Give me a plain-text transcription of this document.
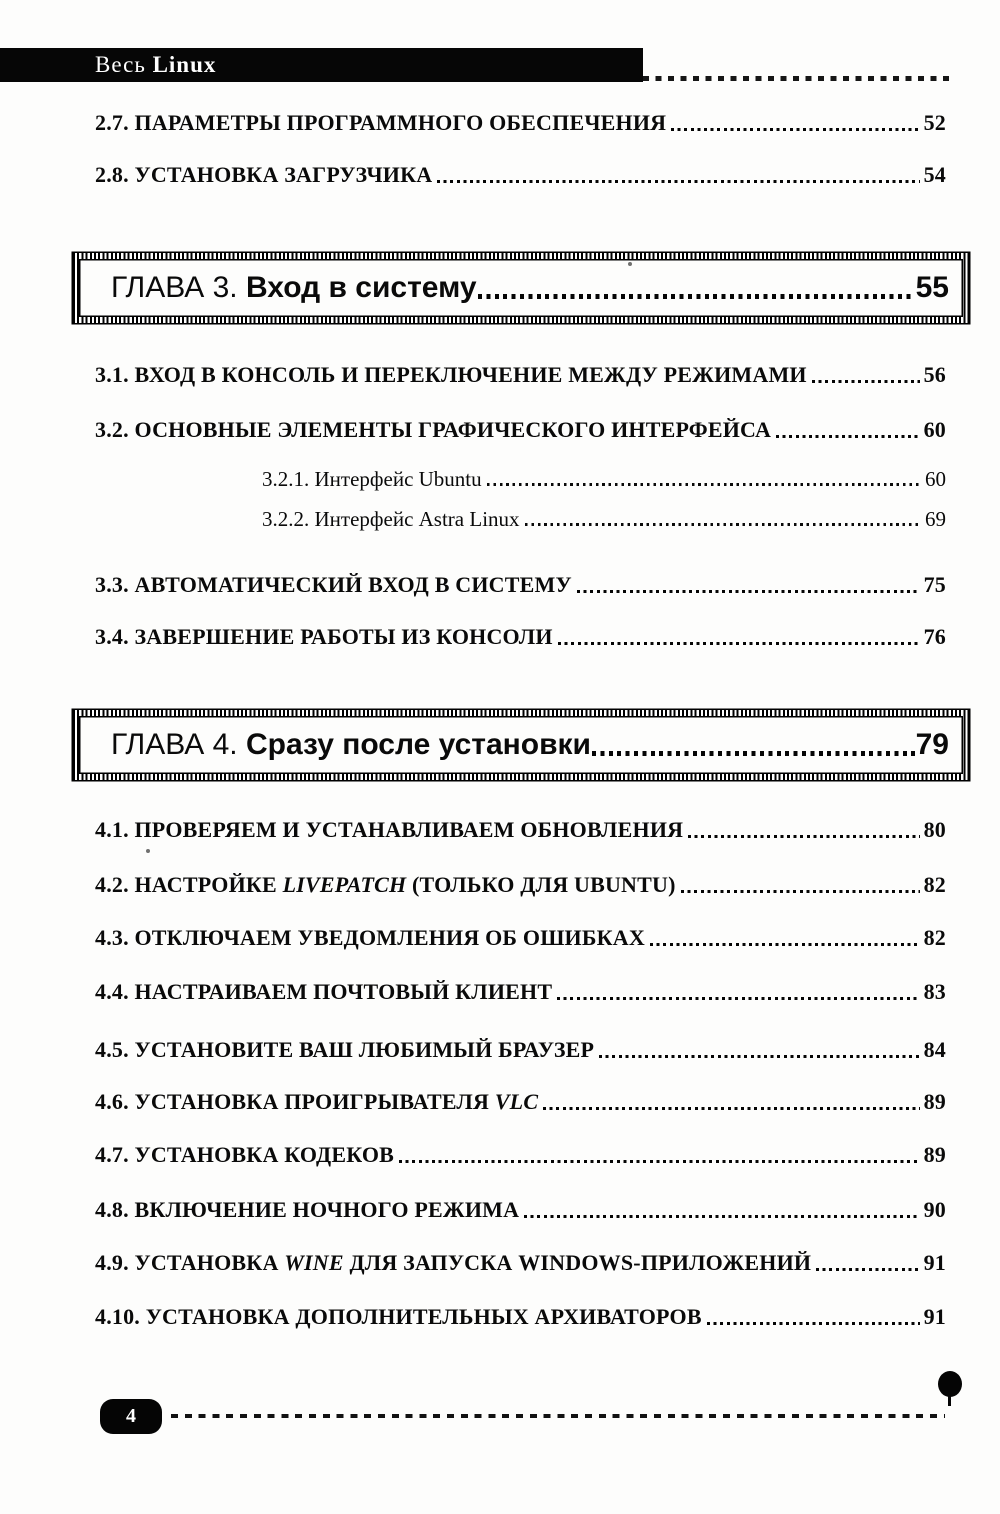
Весь Linux
2.7. ПАРАМЕТРЫ ПРОГРАММНОГО ОБЕСПЕЧЕНИЯ	52
2.8. УСТАНОВКА ЗАГРУЗЧИКА	54
ГЛАВА 3. Вход в систему	55
3.1. ВХОД В КОНСОЛЬ И ПЕРЕКЛЮЧЕНИЕ МЕЖДУ РЕЖИМАМИ	56
3.2. ОСНОВНЫЕ ЭЛЕМЕНТЫ ГРАФИЧЕСКОГО ИНТЕРФЕЙСА	60
3.2.1. Интерфейс Ubuntu	60
3.2.2. Интерфейс Astra Linux	69
3.3. АВТОМАТИЧЕСКИЙ ВХОД В СИСТЕМУ	75
3.4. ЗАВЕРШЕНИЕ РАБОТЫ ИЗ КОНСОЛИ	76
ГЛАВА 4. Сразу после установки	79
4.1. ПРОВЕРЯЕМ И УСТАНАВЛИВАЕМ ОБНОВЛЕНИЯ	80
4.2. НАСТРОЙКЕ LIVEPATCH (ТОЛЬКО ДЛЯ UBUNTU)	82
4.3. ОТКЛЮЧАЕМ УВЕДОМЛЕНИЯ ОБ ОШИБКАХ	82
4.4. НАСТРАИВАЕМ ПОЧТОВЫЙ КЛИЕНТ	83
4.5. УСТАНОВИТЕ ВАШ ЛЮБИМЫЙ БРАУЗЕР	84
4.6. УСТАНОВКА ПРОИГРЫВАТЕЛЯ VLC	89
4.7. УСТАНОВКА КОДЕКОВ	89
4.8. ВКЛЮЧЕНИЕ НОЧНОГО РЕЖИМА	90
4.9. УСТАНОВКА WINE ДЛЯ ЗАПУСКА WINDOWS-ПРИЛОЖЕНИЙ	91
4.10. УСТАНОВКА ДОПОЛНИТЕЛЬНЫХ АРХИВАТОРОВ	91
4
